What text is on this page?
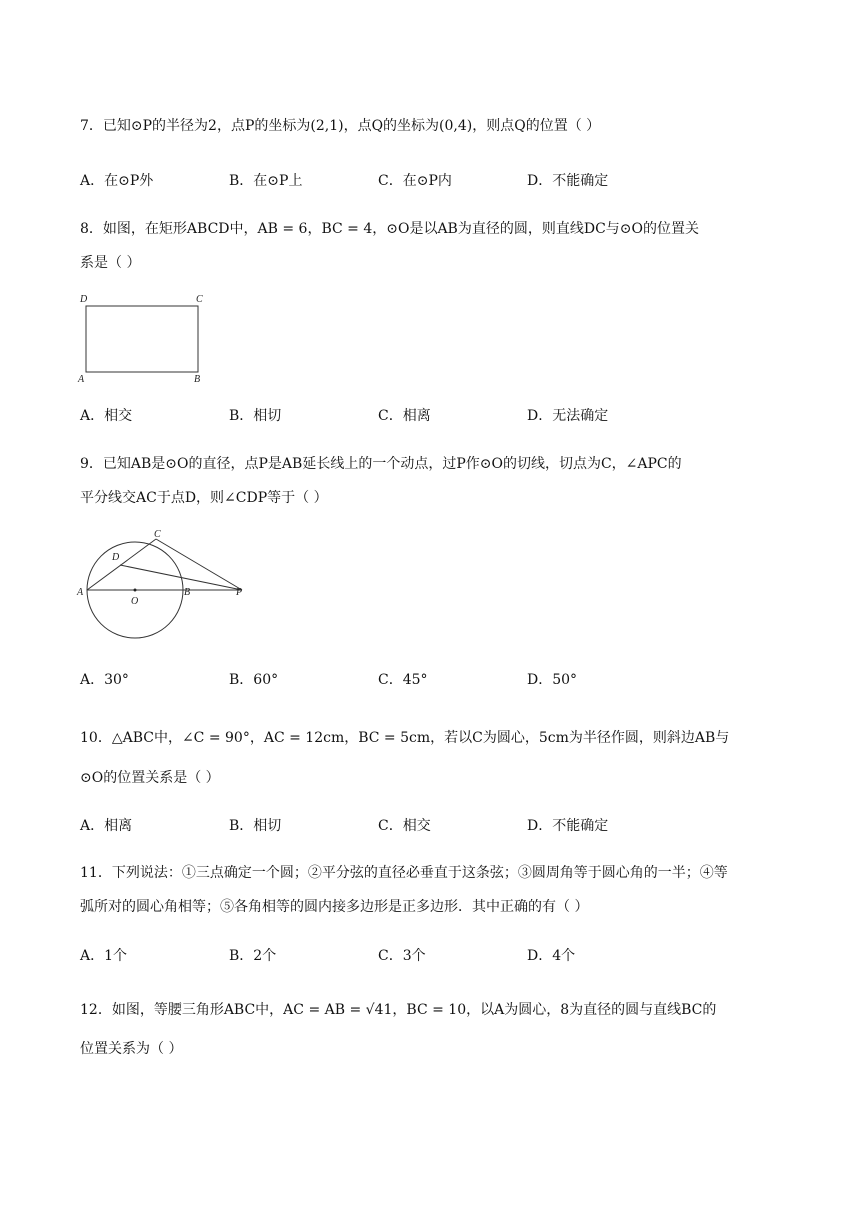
7．已知⊙P的半径为2，点P的坐标为(2,1)，点Q的坐标为(0,4)，则点Q的位置（ ）
A．在⊙P外	B．在⊙P上	C．在⊙P内	D．不能确定
8．如图，在矩形ABCD中，AB = 6，BC = 4，⊙O是以AB为直径的圆，则直线DC与⊙O的位置关
系是（ ）
D	C
A	B
A．相交	B．相切	C．相离	D．无法确定
9．已知AB是⊙O的直径，点P是AB延长线上的一个动点，过P作⊙O的切线，切点为C，∠APC的
平分线交AC于点D，则∠CDP等于（ ）
C
D
A
O
B	P
A．30°	B．60°	C．45°	D．50°
10．△ABC中，∠C = 90°，AC = 12cm，BC = 5cm，若以C为圆心，5cm为半径作圆，则斜边AB与
⊙O的位置关系是（ ）
A．相离	B．相切	C．相交	D．不能确定
11．下列说法：①三点确定一个圆；②平分弦的直径必垂直于这条弦；③圆周角等于圆心角的一半；④等
弧所对的圆心角相等；⑤各角相等的圆内接多边形是正多边形．其中正确的有（ ）
A．1个	B．2个	C．3个	D．4个
12．如图，等腰三角形ABC中，AC = AB = √41，BC = 10，以A为圆心，8为直径的圆与直线BC的
位置关系为（ ）
